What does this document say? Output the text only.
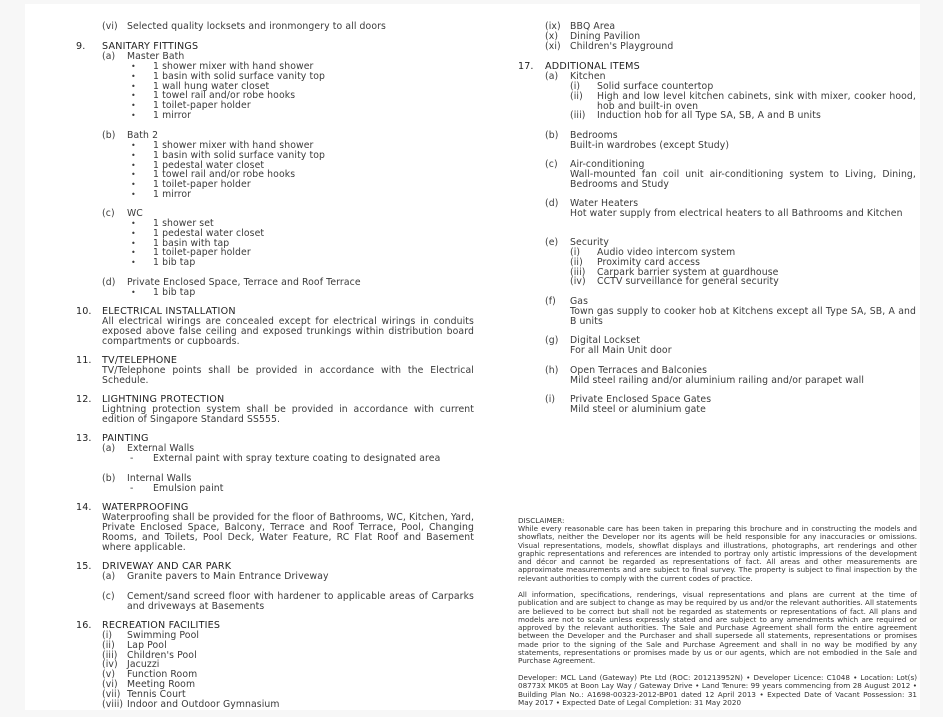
(vi) Selected quality locksets and ironmongery to all doors
9. SANITARY FITTINGS
(a) Master Bath
• 1 shower mixer with hand shower
• 1 basin with solid surface vanity top
• 1 wall hung water closet
• 1 towel rail and/or robe hooks
• 1 toilet-paper holder
• 1 mirror
(b) Bath 2
• 1 shower mixer with hand shower
• 1 basin with solid surface vanity top
• 1 pedestal water closet
• 1 towel rail and/or robe hooks
• 1 toilet-paper holder
• 1 mirror
(c) WC
• 1 shower set
• 1 pedestal water closet
• 1 basin with tap
• 1 toilet-paper holder
• 1 bib tap
(d) Private Enclosed Space, Terrace and Roof Terrace
• 1 bib tap
10. ELECTRICAL INSTALLATION
All electrical wirings are concealed except for electrical wirings in conduits exposed above false ceiling and exposed trunkings within distribution board compartments or cupboards.
11. TV/TELEPHONE
TV/Telephone points shall be provided in accordance with the Electrical Schedule.
12. LIGHTNING PROTECTION
Lightning protection system shall be provided in accordance with current edition of Singapore Standard SS555.
13. PAINTING
(a) External Walls
- External paint with spray texture coating to designated area
(b) Internal Walls
- Emulsion paint
14. WATERPROOFING
Waterproofing shall be provided for the floor of Bathrooms, WC, Kitchen, Yard, Private Enclosed Space, Balcony, Terrace and Roof Terrace, Pool, Changing Rooms, and Toilets, Pool Deck, Water Feature, RC Flat Roof and Basement where applicable.
15. DRIVEWAY AND CAR PARK
(a) Granite pavers to Main Entrance Driveway
(c) Cement/sand screed floor with hardener to applicable areas of Carparks and driveways at Basements
16. RECREATION FACILITIES
(i) Swimming Pool
(ii) Lap Pool
(iii) Children's Pool
(iv) Jacuzzi
(v) Function Room
(vi) Meeting Room
(vii) Tennis Court
(viii) Indoor and Outdoor Gymnasium
(ix) BBQ Area
(x) Dining Pavilion
(xi) Children's Playground
17. ADDITIONAL ITEMS
(a) Kitchen
(i) Solid surface countertop
(ii) High and low level kitchen cabinets, sink with mixer, cooker hood, hob and built-in oven
(iii) Induction hob for all Type SA, SB, A and B units
(b) Bedrooms
Built-in wardrobes (except Study)
(c) Air-conditioning
Wall-mounted fan coil unit air-conditioning system to Living, Dining, Bedrooms and Study
(d) Water Heaters
Hot water supply from electrical heaters to all Bathrooms and Kitchen
(e) Security
(i) Audio video intercom system
(ii) Proximity card access
(iii) Carpark barrier system at guardhouse
(iv) CCTV surveillance for general security
(f) Gas
Town gas supply to cooker hob at Kitchens except all Type SA, SB, A and B units
(g) Digital Lockset
For all Main Unit door
(h) Open Terraces and Balconies
Mild steel railing and/or aluminium railing and/or parapet wall
(i) Private Enclosed Space Gates
Mild steel or aluminium gate
DISCLAIMER:
While every reasonable care has been taken in preparing this brochure and in constructing the models and showflats, neither the Developer nor its agents will be held responsible for any inaccuracies or omissions. Visual representations, models, showflat displays and illustrations, photographs, art renderings and other graphic representations and references are intended to portray only artistic impressions of the development and décor and cannot be regarded as representations of fact. All areas and other measurements are approximate measurements and are subject to final survey. The property is subject to final inspection by the relevant authorities to comply with the current codes of practice.
All information, specifications, renderings, visual representations and plans are current at the time of publication and are subject to change as may be required by us and/or the relevant authorities. All statements are believed to be correct but shall not be regarded as statements or representations of fact. All plans and models are not to scale unless expressly stated and are subject to any amendments which are required or approved by the relevant authorities. The Sale and Purchase Agreement shall form the entire agreement between the Developer and the Purchaser and shall supersede all statements, representations or promises made prior to the signing of the Sale and Purchase Agreement and shall in no way be modified by any statements, representations or promises made by us or our agents, which are not embodied in the Sale and Purchase Agreement.
Developer: MCL Land (Gateway) Pte Ltd (ROC: 201213952N) • Developer Licence: C1048 • Location: Lot(s) 08773X MK05 at Boon Lay Way / Gateway Drive • Land Tenure: 99 years commencing from 28 August 2012 • Building Plan No.: A1698-00323-2012-BP01 dated 12 April 2013 • Expected Date of Vacant Possession: 31 May 2017 • Expected Date of Legal Completion: 31 May 2020
